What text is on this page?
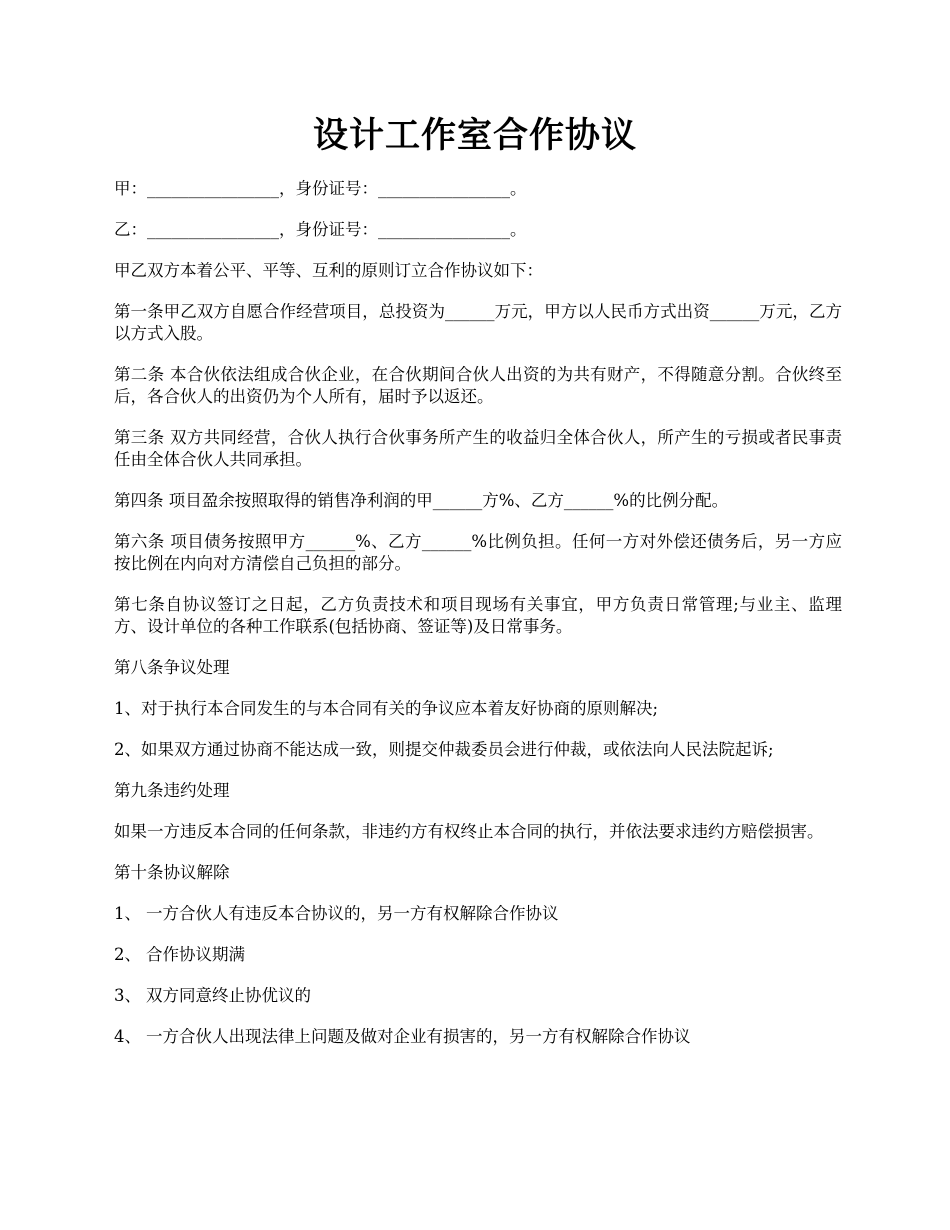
设计工作室合作协议

甲：________________，身份证号：________________。

乙：________________，身份证号：________________。

甲乙双方本着公平、平等、互利的原则订立合作协议如下：

第一条甲乙双方自愿合作经营项目，总投资为______万元，甲方以人民币方式出资______万元，乙方以方式入股。

第二条 本合伙依法组成合伙企业，在合伙期间合伙人出资的为共有财产，不得随意分割。合伙终至后，各合伙人的出资仍为个人所有，届时予以返还。

第三条 双方共同经营，合伙人执行合伙事务所产生的收益归全体合伙人，所产生的亏损或者民事责任由全体合伙人共同承担。

第四条 项目盈余按照取得的销售净利润的甲______方%、乙方______%的比例分配。

第六条 项目债务按照甲方______%、乙方______%比例负担。任何一方对外偿还债务后，另一方应按比例在内向对方清偿自己负担的部分。

第七条自协议签订之日起，乙方负责技术和项目现场有关事宜，甲方负责日常管理;与业主、监理方、设计单位的各种工作联系(包括协商、签证等)及日常事务。

第八条争议处理

1、对于执行本合同发生的与本合同有关的争议应本着友好协商的原则解决;

2、如果双方通过协商不能达成一致，则提交仲裁委员会进行仲裁，或依法向人民法院起诉;

第九条违约处理

如果一方违反本合同的任何条款，非违约方有权终止本合同的执行，并依法要求违约方赔偿损害。

第十条协议解除

1、 一方合伙人有违反本合协议的，另一方有权解除合作协议
2、 合作协议期满
3、 双方同意终止协优议的
4、 一方合伙人出现法律上问题及做对企业有损害的，另一方有权解除合作协议
